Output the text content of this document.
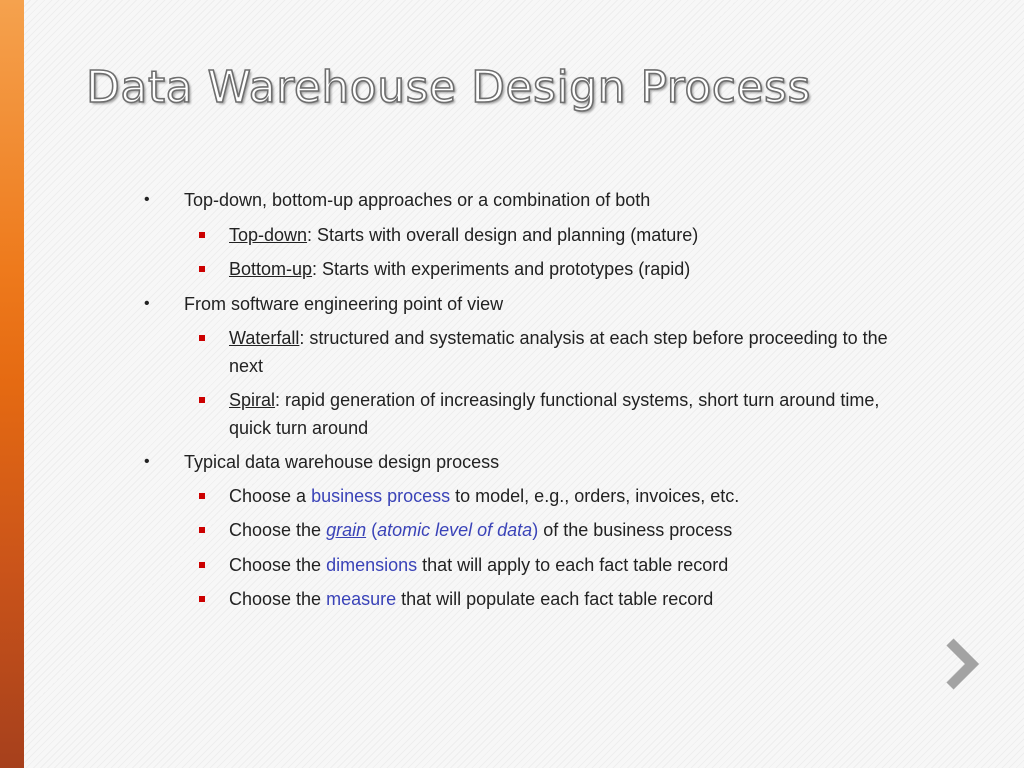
Data Warehouse Design Process
• Top-down, bottom-up approaches or a combination of both
Top-down: Starts with overall design and planning (mature)
Bottom-up: Starts with experiments and prototypes (rapid)
• From software engineering point of view
Waterfall: structured and systematic analysis at each step before proceeding to the next
Spiral: rapid generation of increasingly functional systems, short turn around time, quick turn around
• Typical data warehouse design process
Choose a business process to model, e.g., orders, invoices, etc.
Choose the grain (atomic level of data) of the business process
Choose the dimensions that will apply to each fact table record
Choose the measure that will populate each fact table record
